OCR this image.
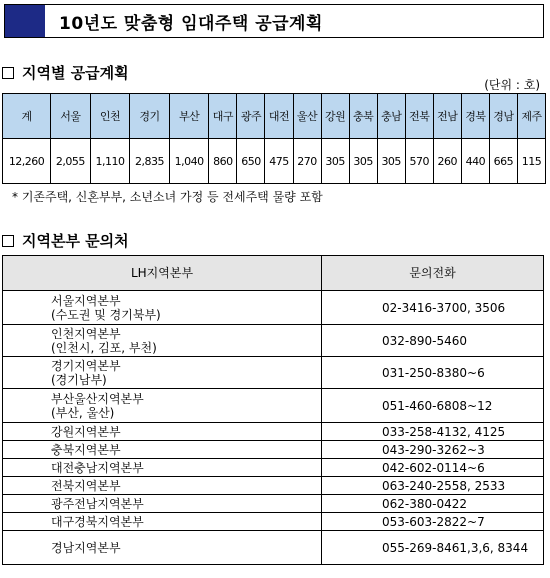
10년도 맞춤형 임대주택 공급계획
지역별 공급계획
(단위 : 호)
계	서울	인천	경기	부산	대구	광주	대전	울산	강원	충북	충남	전북	전남	경북	경남	제주
12,260	2,055	1,110	2,835	1,040	860	650	475	270	305	305	305	570	260	440	665	115
* 기존주택, 신혼부부, 소년소녀 가정 등 전세주택 물량 포함
지역본부 문의처
LH지역본부	문의전화

서울지역본부
(수도권 및 경기북부)	02-3416-3700, 3506

인천지역본부
(인천시, 김포, 부천)	032-890-5460

경기지역본부
(경기남부)	031-250-8380~6

부산울산지역본부
(부산, 울산)	051-460-6808~12

강원지역본부	033-258-4132, 4125

충북지역본부	043-290-3262~3

대전충남지역본부	042-602-0114~6

전북지역본부	063-240-2558, 2533

광주전남지역본부	062-380-0422

대구경북지역본부	053-603-2822~7

경남지역본부	055-269-8461,3,6, 8344
